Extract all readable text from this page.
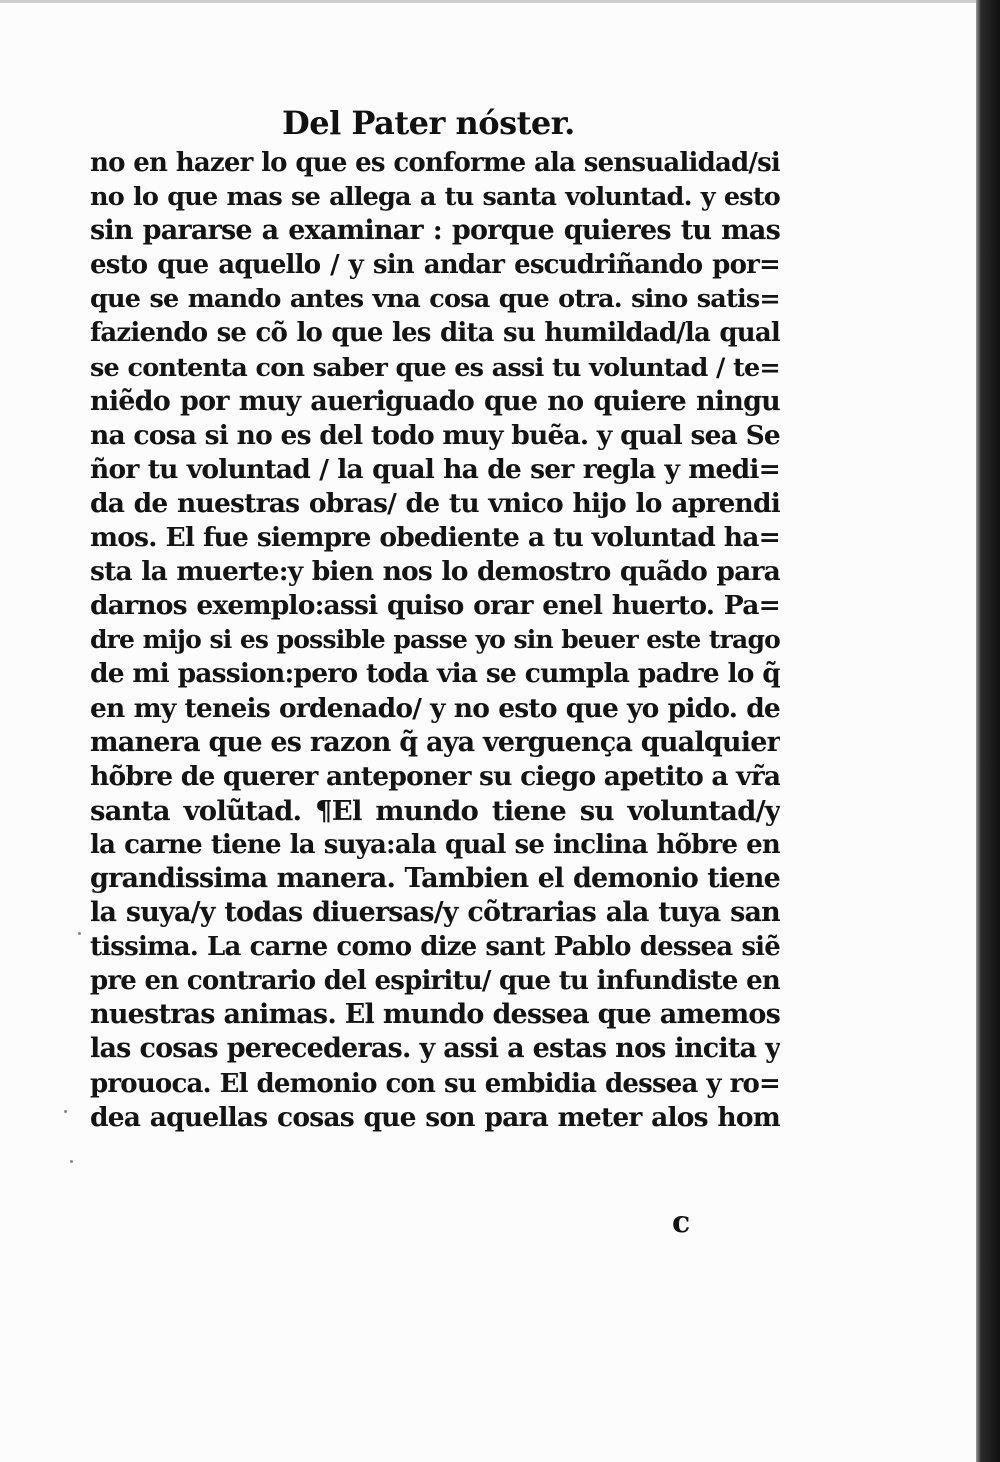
Del Pater nóster.
no en hazer lo que es conforme ala sensualidad/si
no lo que mas se allega a tu santa voluntad. y esto
sin pararse a examinar : porque quieres tu mas
esto que aquello / y sin andar escudriñando por=
que se mando antes vna cosa que otra. sino satis=
faziendo se cõ lo que les dita su humildad/la qual
se contenta con saber que es assi tu voluntad / te=
niẽdo por muy aueriguado que no quiere ningu
na cosa si no es del todo muy buẽa. y qual sea Se
ñor tu voluntad / la qual ha de ser regla y medi=
da de nuestras obras/ de tu vnico hijo lo aprendi
mos. El fue siempre obediente a tu voluntad ha=
sta la muerte:y bien nos lo demostro quãdo para
darnos exemplo:assi quiso orar enel huerto. Pa=
dre mijo si es possible passe yo sin beuer este trago
de mi passion:pero toda via se cumpla padre lo q̃
en my teneis ordenado/ y no esto que yo pido. de
manera que es razon q̃ aya verguença qualquier
hõbre de querer anteponer su ciego apetito a vr̃a
santa volũtad. ¶El mundo tiene su voluntad/y
la carne tiene la suya:ala qual se inclina hõbre en
grandissima manera. Tambien el demonio tiene
la suya/y todas diuersas/y cõtrarias ala tuya san
tissima. La carne como dize sant Pablo dessea siẽ
pre en contrario del espiritu/ que tu infundiste en
nuestras animas. El mundo dessea que amemos
las cosas perecederas. y assi a estas nos incita y
prouoca. El demonio con su embidia dessea y ro=
dea aquellas cosas que son para meter alos hom
c
